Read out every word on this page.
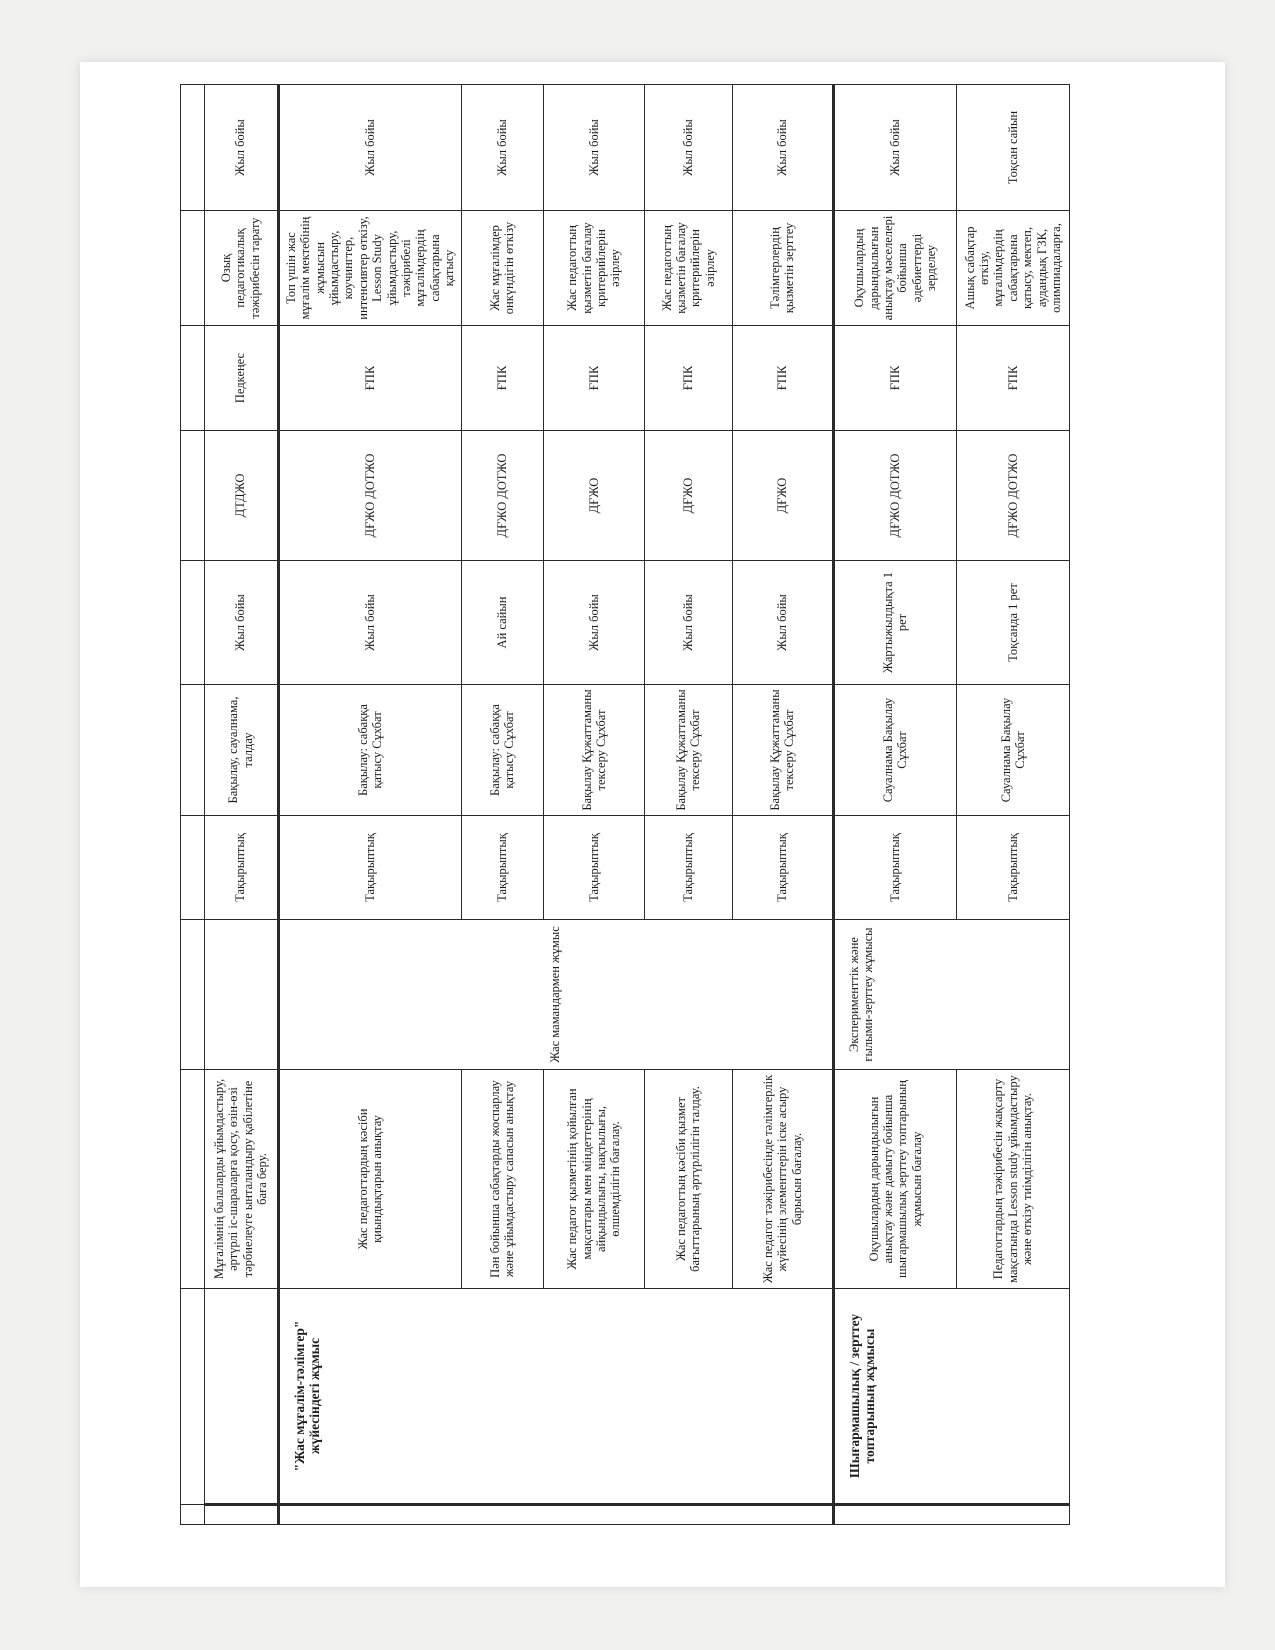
		Мұғалімнің балаларды ұйымдастыру, әртүрлі іс-шараларға қосу, өзін-өзі тәрбиелеуге ынталандыру қабілетіне баға беру.		Тақырыптық	Бақылау, сауалнама, талдау	Жыл бойы	ДТДЖО	Педкеңес	Озық педагогикалық тәжірибесін тарату	Жыл бойы
	"Жас мұғалім-тәлімгер" жүйесіндегі жұмыс	Жас педагогтардың кәсіби қиындықтарын анықтау	Жас мамандармен жұмыс	Тақырыптық	Бақылау: сабаққа қатысу Сұхбат	Жыл бойы	ДҒЖО ДОТЖО	ҒПК	Топ үшін жас мұғалім мектебінің жұмысын ұйымдастыру, коучингтер, интенсивтер өткізу, Lesson Study ұйымдастыру, тәжірибелі мұғалімдердің сабақтарына қатысу	Жыл бойы
		Пән бойынша сабақтарды жоспарлау және ұйымдастыру сапасын анықтау		Тақырыптық	Бақылау: сабаққа қатысу Сұхбат	Ай сайын	ДҒЖО ДОТЖО	ҒПК	Жас мұғалімдер онкүндігін өткізу	Жыл бойы
		Жас педагог қызметінің қойылған мақсаттары мен міндеттерінің айқындылығы, нақтылығы, өлшемділігін бағалау.		Тақырыптық	Бақылау Құжаттаманы тексеру Сұхбат	Жыл бойы	ДҒЖО	ҒПК	Жас педагогтың қызметін бағалау критерийлерін әзірлеу	Жыл бойы
		Жас педагогтың кәсіби қызмет бағыттарының әртүрлілігін талдау.		Тақырыптық	Бақылау Құжаттаманы тексеру Сұхбат	Жыл бойы	ДҒЖО	ҒПК	Жас педагогтың қызметін бағалау критерийлерін әзірлеу	Жыл бойы
		Жас педагог тәжірибесінде тәлімгерлік жүйесінің элементтерін іске асыру барысын бағалау.		Тақырыптық	Бақылау Құжаттаманы тексеру Сұхбат	Жыл бойы	ДҒЖО	ҒПК	Тәлімгерлердің қызметін зерттеу	Жыл бойы
	Шығармашылық / зерттеу топтарының жұмысы	Оқушылардың дарындылығын анықтау және дамыту бойынша шығармашылық зерттеу топтарының жұмысын бағалау	Эксперименттік және ғылыми-зерттеу жұмысы	Тақырыптық	Сауалнама Бақылау Сұхбат	Жартыжылдықта 1 рет	ДҒЖО ДОТЖО	ҒПК	Оқушылардың дарындылығын анықтау мәселелері бойынша әдебиеттерді зерделеу	Жыл бойы
		Педагогтардың тәжірибесін жақсарту мақсатында Lesson study ұйымдастыру және өткізу тиімділігін анықтау.		Тақырыптық	Сауалнама Бақылау Сұхбат	Тоқсанда 1 рет	ДҒЖО ДОТЖО	ҒПК	Ашық сабақтар өткізу, мұғалімдердің сабақтарына қатысу, мектеп, аудандық ГЗК, олимпиадаларға,	Тоқсан сайын
